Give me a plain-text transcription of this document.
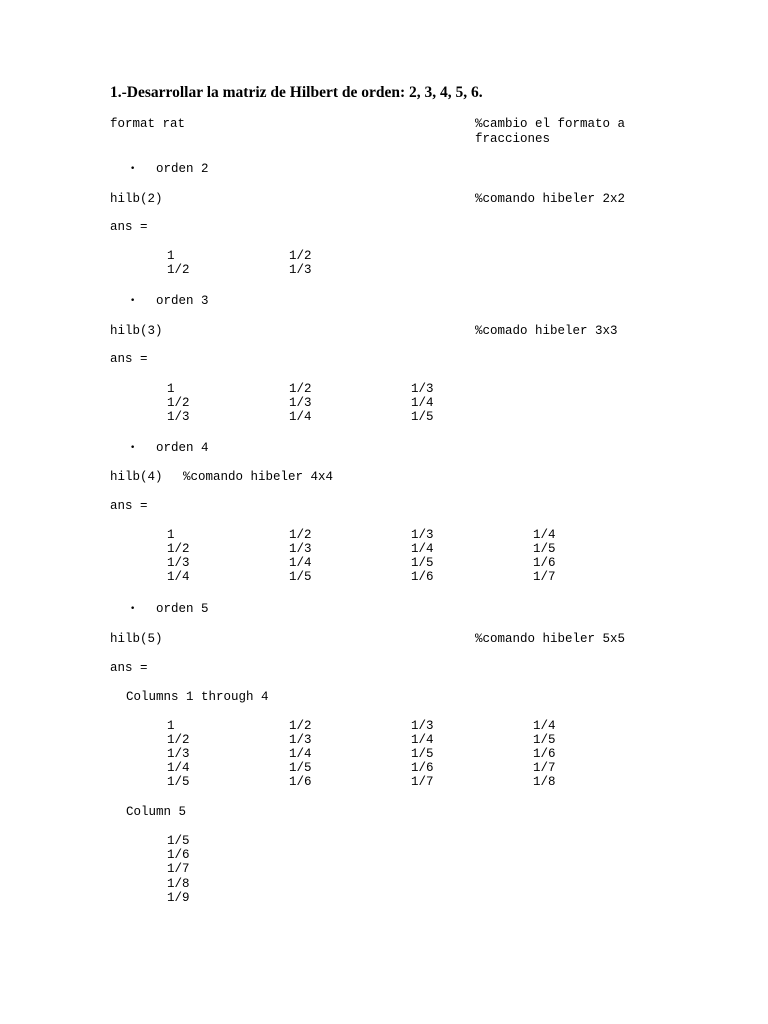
1.-Desarrollar la matriz de Hilbert de orden: 2, 3, 4, 5, 6.
format rat	%cambio el formato a fracciones
• orden 2
hilb(2)	%comando hibeler 2x2
ans =
1	1/2
1/2	1/3
• orden 3
hilb(3)	%comado hibeler 3x3
ans =
1	1/2	1/3
1/2	1/3	1/4
1/3	1/4	1/5
• orden 4
hilb(4) %comando hibeler 4x4
ans =
1	1/2	1/3	1/4
1/2	1/3	1/4	1/5
1/3	1/4	1/5	1/6
1/4	1/5	1/6	1/7
• orden 5
hilb(5)	%comando hibeler 5x5
ans =
Columns 1 through 4
1	1/2	1/3	1/4
1/2	1/3	1/4	1/5
1/3	1/4	1/5	1/6
1/4	1/5	1/6	1/7
1/5	1/6	1/7	1/8
Column 5
1/5
1/6
1/7
1/8
1/9
